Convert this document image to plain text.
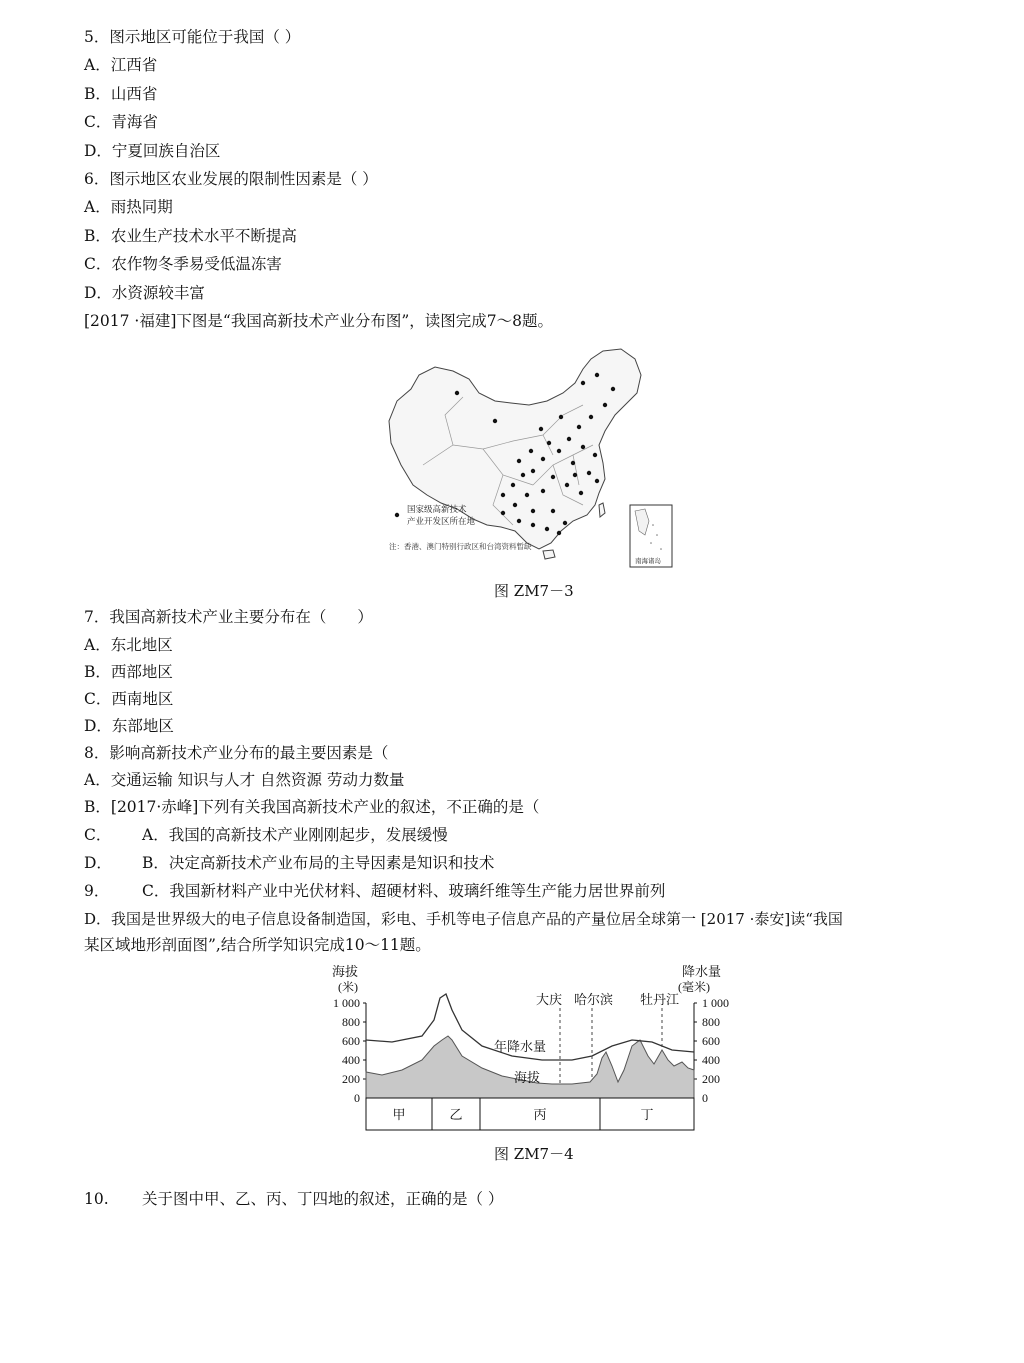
5．图示地区可能位于我国（ ）
A．江西省
B．山西省
C．青海省
D．宁夏回族自治区
6．图示地区农业发展的限制性因素是（ ）
A．雨热同期
B．农业生产技术水平不断提高
C．农作物冬季易受低温冻害
D．水资源较丰富
[2017 ·福建]下图是“我国高新技术产业分布图”，读图完成7～8题。
国家级高新技术
产业开发区所在地
注：香港、澳门特别行政区和台湾资料暂缺
南海诸岛
图 ZM7－3
7．我国高新技术产业主要分布在（　　）
A．东北地区
B．西部地区
C．西南地区
D．东部地区
8．影响高新技术产业分布的最主要因素是（
A．交通运输 知识与人才 自然资源 劳动力数量
B．[2017·赤峰]下列有关我国高新技术产业的叙述，不正确的是（
C． A．我国的高新技术产业刚刚起步，发展缓慢
D． B．决定高新技术产业布局的主导因素是知识和技术
9． C．我国新材料产业中光伏材料、超硬材料、玻璃纤维等生产能力居世界前列
D．我国是世界级大的电子信息设备制造国，彩电、手机等电子信息产品的产量位居全球第一 [2017 ·泰安]读“我国
某区域地形剖面图”,结合所学知识完成10～11题。
海拔
(米)
降水量
(毫米)
1 000
800
600
400
200
0
1 000
800
600
400
200
0
大庆 哈尔滨 牡丹江
年降水量
海拔
甲	乙	丙	丁
图 ZM7－4
10. 关于图中甲、乙、丙、丁四地的叙述，正确的是（ ）
